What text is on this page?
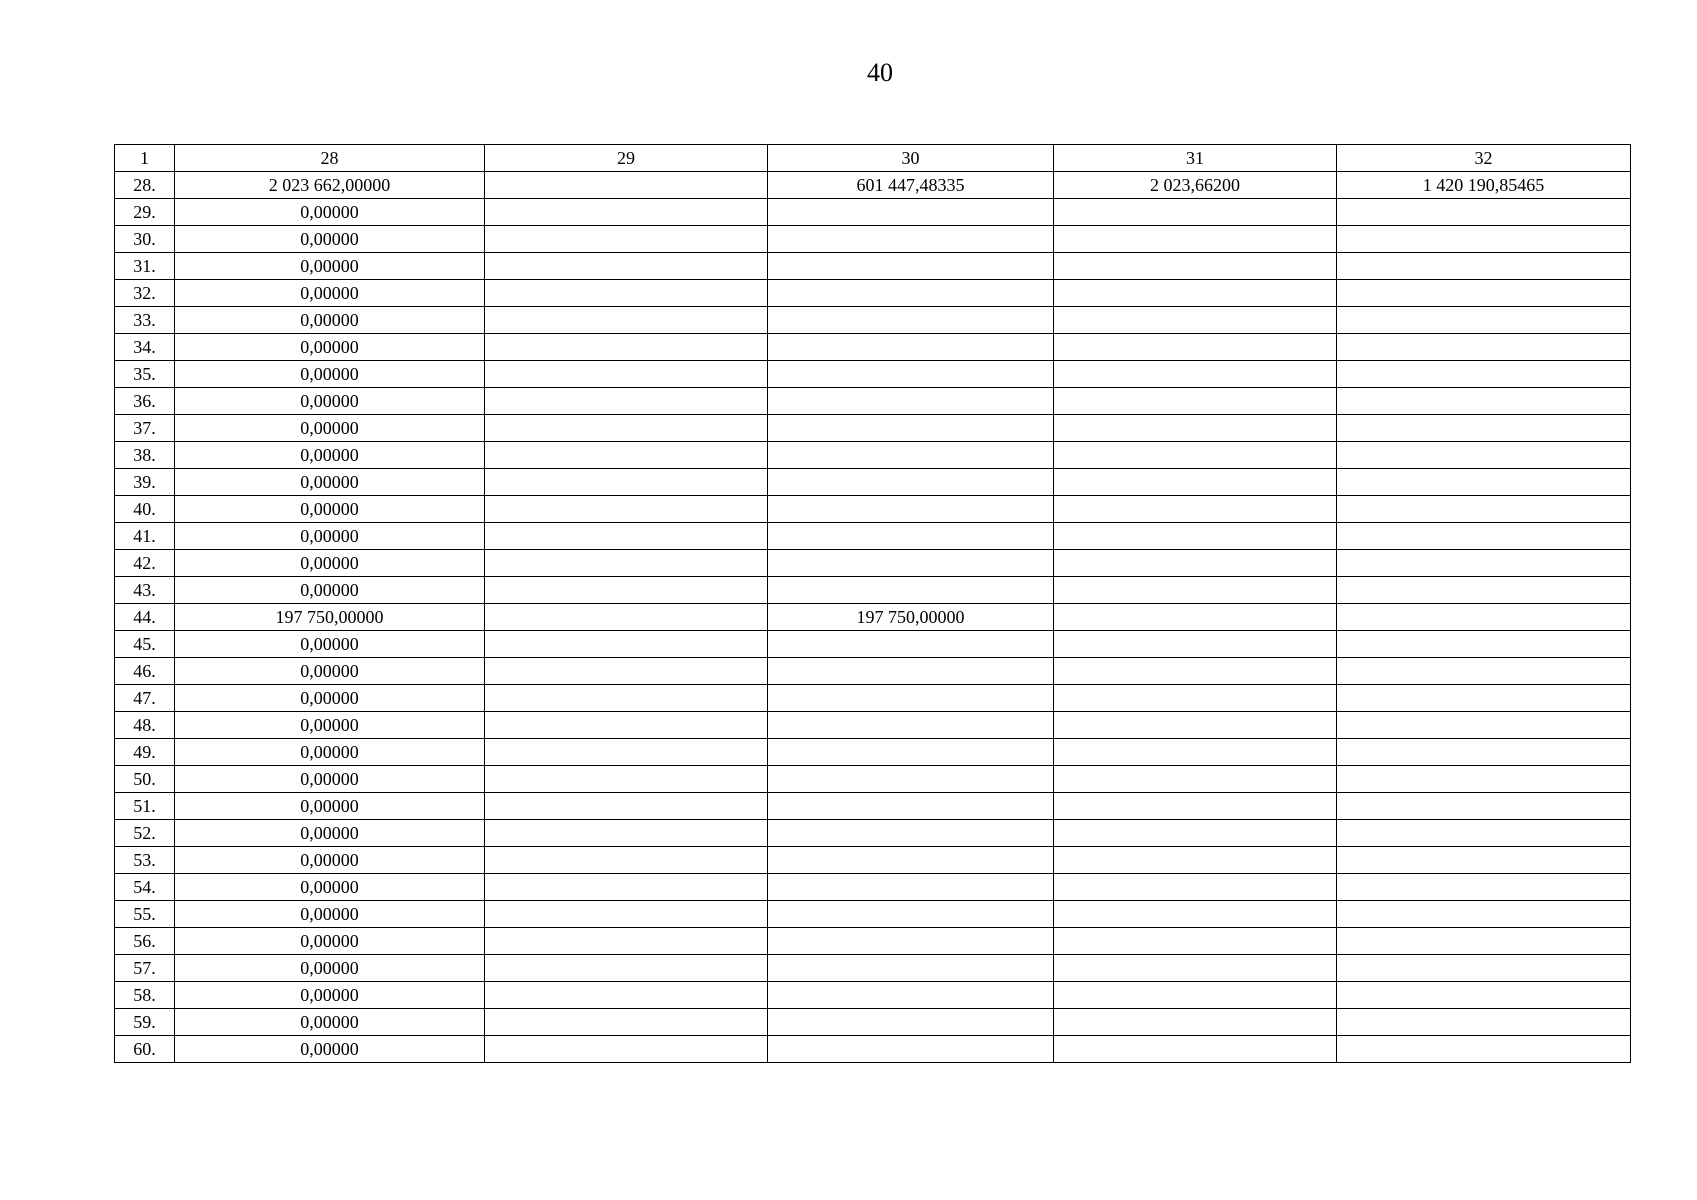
40
1	28	29	30	31	32
28.	2 023 662,00000		601 447,48335	2 023,66200	1 420 190,85465
29.	0,00000				
30.	0,00000				
31.	0,00000				
32.	0,00000				
33.	0,00000				
34.	0,00000				
35.	0,00000				
36.	0,00000				
37.	0,00000				
38.	0,00000				
39.	0,00000				
40.	0,00000				
41.	0,00000				
42.	0,00000				
43.	0,00000				
44.	197 750,00000		197 750,00000		
45.	0,00000				
46.	0,00000				
47.	0,00000				
48.	0,00000				
49.	0,00000				
50.	0,00000				
51.	0,00000				
52.	0,00000				
53.	0,00000				
54.	0,00000				
55.	0,00000				
56.	0,00000				
57.	0,00000				
58.	0,00000				
59.	0,00000				
60.	0,00000				
